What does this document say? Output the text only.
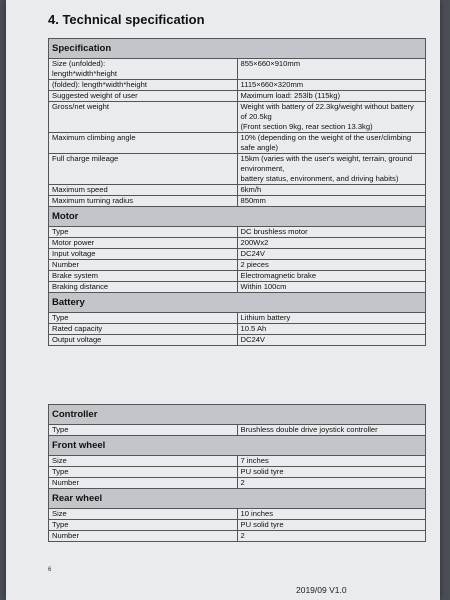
4. Technical specification
Specification	
Size (unfolded):
length*width*height	855×660×910mm
(folded): length*width*height	1115×660×320mm
Suggested weight of user	Maximum load: 253lb (115kg)
Gross/net weight	Weight with battery of 22.3kg/weight without battery of 20.5kg
(Front section 9kg, rear section 13.3kg)
Maximum climbing angle	10% (depending on the weight of the user/climbing safe angle)
Full charge mileage	15km (varies with the user's weight, terrain, ground environment,
battery status, environment, and driving habits)
Maximum speed	6km/h
Maximum turning radius	850mm
Motor	
Type	DC brushless motor
Motor power	200Wx2
Input voltage	DC24V
Number	2 pieces
Brake system	Electromagnetic brake
Braking distance	Within 100cm
Battery	
Type	Lithium battery
Rated capacity	10.5 Ah
Output voltage	DC24V
Controller	
Type	Brushless double drive joystick controller
Front wheel	
Size	7 inches
Type	PU solid tyre
Number	2
Rear wheel	
Size	10 inches
Type	PU solid tyre
Number	2
6
2019/09 V1.0
